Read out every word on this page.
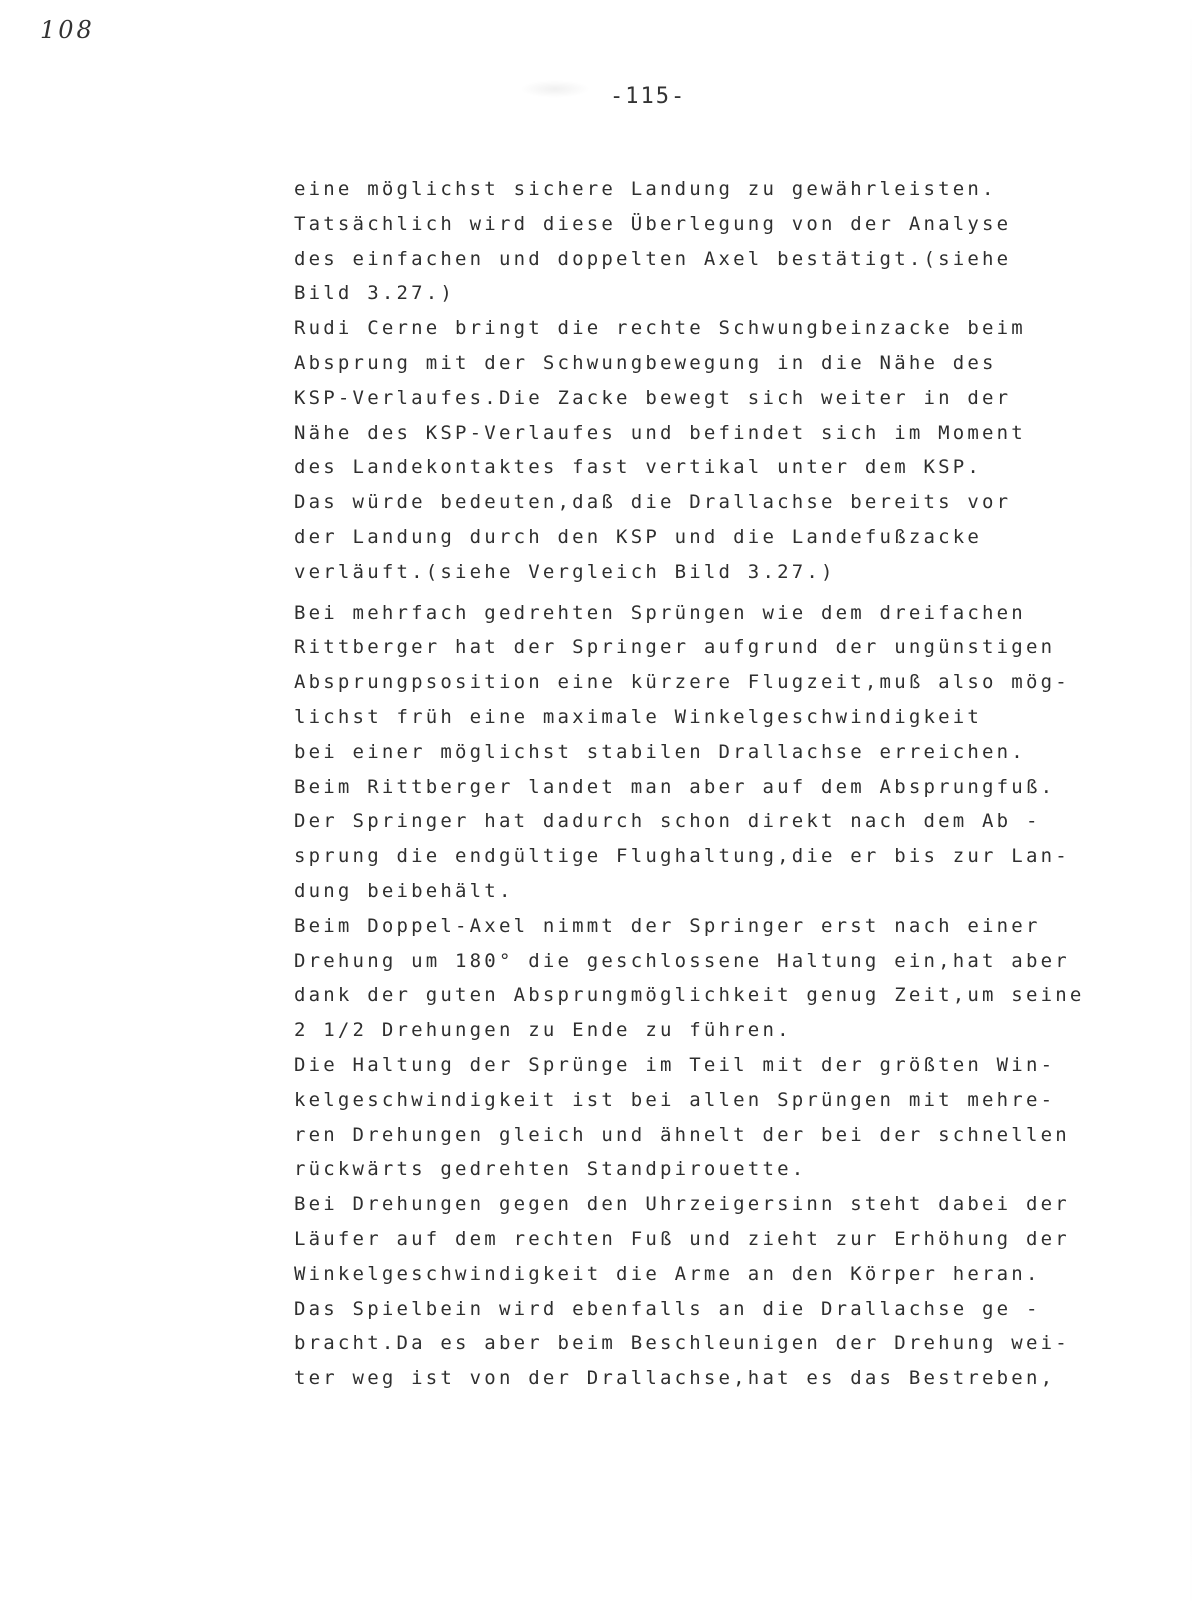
108
-115-
eine möglichst sichere Landung zu gewährleisten.
Tatsächlich wird diese Überlegung von der Analyse
des einfachen und doppelten Axel bestätigt.(siehe
Bild 3.27.)
Rudi Cerne bringt die rechte Schwungbeinzacke beim
Absprung mit der Schwungbewegung in die Nähe des
KSP-Verlaufes.Die Zacke bewegt sich weiter in der
Nähe des KSP-Verlaufes und befindet sich im Moment
des Landekontaktes fast vertikal unter dem KSP.
Das würde bedeuten,daß die Drallachse bereits vor
der Landung durch den KSP und die Landefußzacke
verläuft.(siehe Vergleich Bild 3.27.)
Bei mehrfach gedrehten Sprüngen wie dem dreifachen
Rittberger hat der Springer aufgrund der ungünstigen
Absprungpsosition eine kürzere Flugzeit,muß also mög-
lichst früh eine maximale Winkelgeschwindigkeit
bei einer möglichst stabilen Drallachse erreichen.
Beim Rittberger landet man aber auf dem Absprungfuß.
Der Springer hat dadurch schon direkt nach dem Ab -
sprung die endgültige Flughaltung,die er bis zur Lan-
dung beibehält.
Beim Doppel-Axel nimmt der Springer erst nach einer
Drehung um 180° die geschlossene Haltung ein,hat aber
dank der guten Absprungmöglichkeit genug Zeit,um seine
2 1/2 Drehungen zu Ende zu führen.
Die Haltung der Sprünge im Teil mit der größten Win-
kelgeschwindigkeit ist bei allen Sprüngen mit mehre-
ren Drehungen gleich und ähnelt der bei der schnellen
rückwärts gedrehten Standpirouette.
Bei Drehungen gegen den Uhrzeigersinn steht dabei der
Läufer auf dem rechten Fuß und zieht zur Erhöhung der
Winkelgeschwindigkeit die Arme an den Körper heran.
Das Spielbein wird ebenfalls an die Drallachse ge -
bracht.Da es aber beim Beschleunigen der Drehung wei-
ter weg ist von der Drallachse,hat es das Bestreben,
